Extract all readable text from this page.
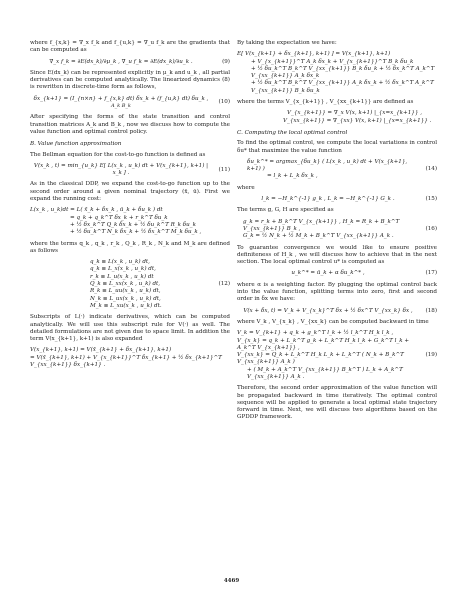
where f_{x,k} = ∇_x f_k and f_{u,k} = ∇_u f_k are the gradients that can be computed as

∇_x f_k = ∂E(dx_k)/∂μ_k , ∇_u f_k = ∂E(dx_k)/∂u_k .	(9)

Since E(dx_k) can be represented explicitly in μ_k and u_k , all partial derivatives can be computed analytically. The linearized dynamics (8) is rewritten in discrete-time form as follows,

δx_{k+1} = (I_{n×n} + f_{x,k} dt) δx_k + (f_{u,k} dt) δu_k ,
A_k B_k
(10)

After specifying the forms of the state transition and control transition matrices A_k and B_k , now we discuss how to compute the value function and optimal control policy.

B. Value function approximation

The Bellman equation for the cost-to-go function is defined as

V(x_k , t) = min_{u_k} E[ L(x_k , u_k) dt + V(x_{k+1}, k+1) | x_k ] .
(11)

As in the classical DDP, we expand the cost-to-go function up to the second order around a given nominal trajectory (x̄, ū). First we expand the running cost:

L(x_k , u_k)dt = L( x̄_k + δx_k , ū_k + δu_k ) dt
= q_k + q_k^T δx_k + r_k^T δu_k
+ ½ δx_k^T Q_k δx_k + ½ δu_k^T R_k δu_k
+ ½ δu_k^T N_k δx_k + ½ δx_k^T M_k δu_k ,

where the terms q_k , q_k , r_k , Q_k , R_k , N_k and M_k are defined as follows

q_k ≡ L(x_k , u_k) dt,
q_k ≡ L_x(x_k , u_k) dt,
r_k ≡ L_u(x_k , u_k) dt
Q_k ≡ L_xx(x_k , u_k) dt,
R_k ≡ L_uu(x_k , u_k) dt,
N_k ≡ L_ux(x_k , u_k) dt,
M_k ≡ L_xu(x_k , u_k) dt.
(12)

Subscripts of L(·) indicate derivatives, which can be computed analytically. We will use this subscript rule for V(·) as well. The detailed formulations are not given due to space limit. In addition the term V(x_{k+1}, k+1) is also expanded

V(x_{k+1}, k+1) = V(x̄_{k+1} + δx_{k+1}, k+1)
= V(x̄_{k+1}, k+1) + V_{x_{k+1}}^T δx_{k+1} + ½ δx_{k+1}^T V_{xx_{k+1}} δx_{k+1} .

By taking the expectation we have:

E[ V(x_{k+1} + δx_{k+1}, k+1) ] = V(x_{k+1}, k+1)
+ V_{x_{k+1}}^T A_k δx_k + V_{x_{k+1}}^T B_k δu_k
+ ½ δu_k^T B_k^T V_{xx_{k+1}} B_k δu_k + ½ δx_k^T A_k^T V_{xx_{k+1}} A_k δx_k
+ ½ δu_k^T B_k^T V_{xx_{k+1}} A_k δx_k + ½ δx_k^T A_k^T V_{xx_{k+1}} B_k δu_k

where the terms V_{x_{k+1}} , V_{xx_{k+1}} are defined as

V_{x_{k+1}} = ∇_x V(x, k+1) |_{x=x_{k+1}} ,
V_{xx_{k+1}} = ∇_{xx} V(x, k+1) |_{x=x_{k+1}} .
C. Computing the local optimal control

To find the optimal control, we compute the local variations in control δu* that maximize the value function

δu_k^* = argmax_{δu_k} ( L(x_k , u_k) dt + V(x_{k+1}, k+1) )
= l_k + L_k δx_k ,
(14)

where

l_k = −H_k^{-1} g_k , L_k = −H_k^{-1} G_k .	(15)

The terms g, G, H are specified as

g_k = r_k + B_k^T V_{x_{k+1}} , H_k = R_k + B_k^T V_{xx_{k+1}} B_k ,
G_k = ½ N_k + ½ M_k + B_k^T V_{xx_{k+1}} A_k .
(16)

To guarantee convergence we would like to ensure positive definiteness of H_k , we will discuss how to achieve that in the next section. The local optimal control u* is computed as

u_k^* = ū_k + α δu_k^* ,	(17)

where α is a weighting factor. By plugging the optimal control back into the value function, splitting terms into zero, first and second order in δx we have:

V(x + δx, t) = V_k + V_{x_k}^T δx + ½ δx^T V_{xx_k} δx ,	(18)

where V_k , V_{x_k} , V_{xx_k} can be computed backward in time

V_k = V_{k+1} + q_k + g_k^T l_k + ½ l_k^T H_k l_k ,
V_{x_k} = q_k + L_k^T g_k + L_k^T H_k l_k + G_k^T l_k + A_k^T V_{x_{k+1}} ,
V_{xx_k} = Q_k + L_k^T H_k L_k + L_k^T ( N_k + B_k^T V_{xx_{k+1}} A_k )
+ ( M_k + A_k^T V_{xx_{k+1}} B_k^T ) L_k + A_k^T V_{xx_{k+1}} A_k .
(19)

Therefore, the second order approximation of the value function will be propagated backward in time iteratively. The optimal control sequence will be applied to generate a local optimal state trajectory forward in time. Next, we will discuss two algorithms based on the GPDDP framework.

4469
